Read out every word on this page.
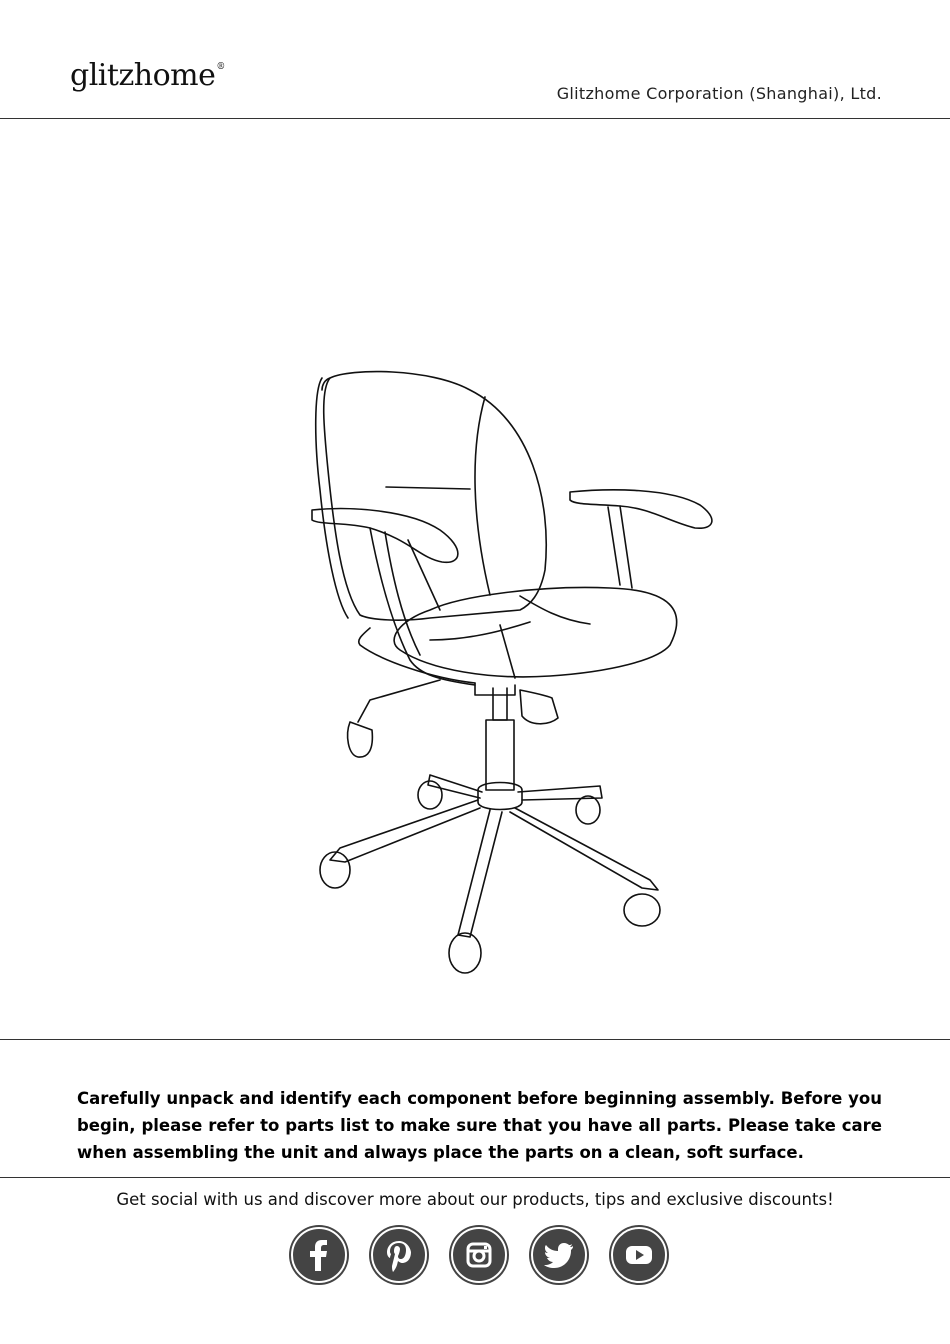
glitzhome®
Glitzhome Corporation (Shanghai), Ltd.

Carefully unpack and identify each component before beginning assembly. Before you begin, please refer to parts list to make sure that you have all parts. Please take care when assembling the unit and always place the parts on a clean, soft surface.

Get social with us and discover more about our products, tips and exclusive discounts!
